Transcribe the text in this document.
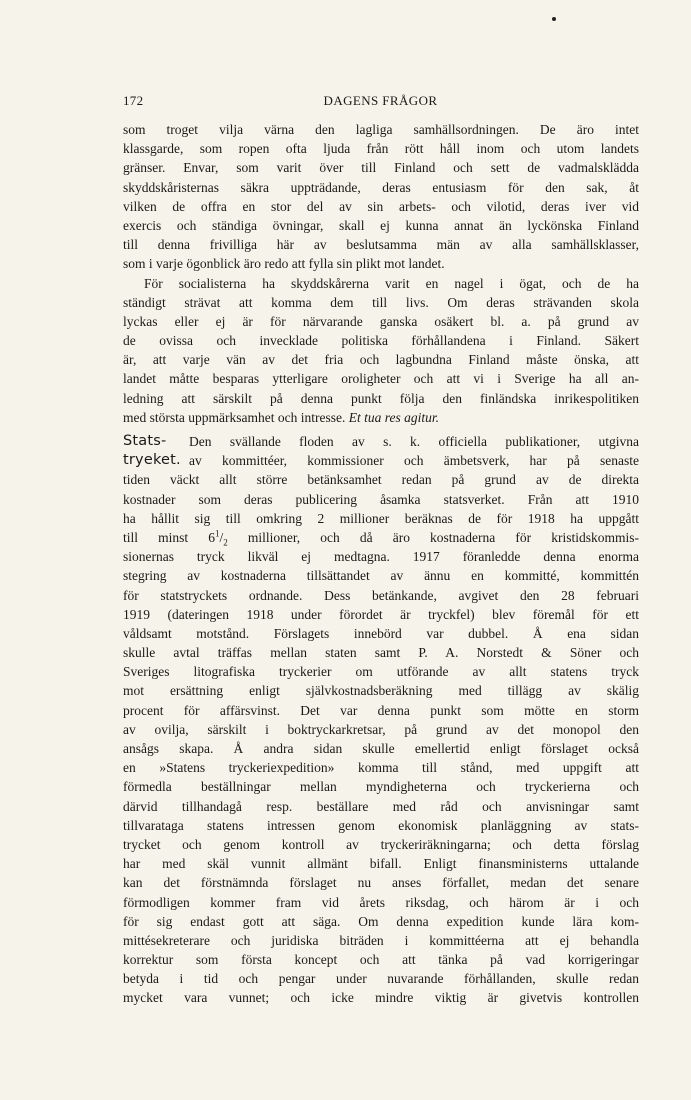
172	DAGENS FRÅGOR
som troget vilja värna den lagliga samhällsordningen. De äro intet
klassgarde, som ropen ofta ljuda från rött håll inom och utom landets
gränser. Envar, som varit över till Finland och sett de vadmalsklädda
skyddskåristernas säkra uppträdande, deras entusiasm för den sak, åt
vilken de offra en stor del av sin arbets- och vilotid, deras iver vid
exercis och ständiga övningar, skall ej kunna annat än lyckönska Finland
till denna frivilliga här av beslutsamma män av alla samhällsklasser,
som i varje ögonblick äro redo att fylla sin plikt mot landet.
För socialisterna ha skyddskårerna varit en nagel i ögat, och de ha
ständigt strävat att komma dem till livs. Om deras strävanden skola
lyckas eller ej är för närvarande ganska osäkert bl. a. på grund av
de ovissa och invecklade politiska förhållandena i Finland. Säkert
är, att varje vän av det fria och lagbundna Finland måste önska, att
landet måtte besparas ytterligare oroligheter och att vi i Sverige ha all an-
ledning att särskilt på denna punkt följa den finländska inrikespolitiken
med största uppmärksamhet och intresse. Et tua res agitur.
Stats-
tryeket.
Den svällande floden av s. k. officiella publikationer, utgivna
av kommittéer, kommissioner och ämbetsverk, har på senaste
tiden väckt allt större betänksamhet redan på grund av de direkta
kostnader som deras publicering åsamka statsverket. Från att 1910
ha hållit sig till omkring 2 millioner beräknas de för 1918 ha uppgått
till minst $6^1/_2$ millioner, och då äro kostnaderna för kristidskommis-
sionernas tryck likväl ej medtagna. 1917 föranledde denna enorma
stegring av kostnaderna tillsättandet av ännu en kommitté, kommittén
för statstryckets ordnande. Dess betänkande, avgivet den 28 februari
1919 (dateringen 1918 under förordet är tryckfel) blev föremål för ett
våldsamt motstånd. Förslagets innebörd var dubbel. Å ena sidan
skulle avtal träffas mellan staten samt P. A. Norstedt & Söner och
Sveriges litografiska tryckerier om utförande av allt statens tryck
mot ersättning enligt självkostnadsberäkning med tillägg av skälig
procent för affärsvinst. Det var denna punkt som mötte en storm
av ovilja, särskilt i boktryckarkretsar, på grund av det monopol den
ansågs skapa. Å andra sidan skulle emellertid enligt förslaget också
en »Statens tryckeriexpedition» komma till stånd, med uppgift att
förmedla beställningar mellan myndigheterna och tryckerierna och
därvid tillhandagå resp. beställare med råd och anvisningar samt
tillvarataga statens intressen genom ekonomisk planläggning av stats-
trycket och genom kontroll av tryckeriräkningarna; och detta förslag
har med skäl vunnit allmänt bifall. Enligt finansministerns uttalande
kan det förstnämnda förslaget nu anses förfallet, medan det senare
förmodligen kommer fram vid årets riksdag, och härom är i och
för sig endast gott att säga. Om denna expedition kunde lära kom-
mittésekreterare och juridiska biträden i kommittéerna att ej behandla
korrektur som första koncept och att tänka på vad korrigeringar
betyda i tid och pengar under nuvarande förhållanden, skulle redan
mycket vara vunnet; och icke mindre viktig är givetvis kontrollen
